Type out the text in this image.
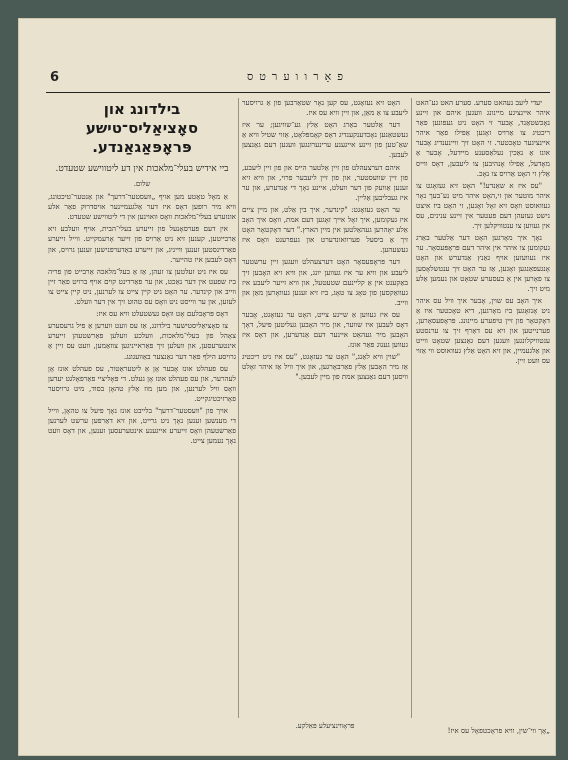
6	פאָרווערטס

יעדי ליעב נעהאט סערע. סערע האט גע־האט איהר איינציגע מיינונג וועגען איהם און זיינע נאָכשטאַנד, אָבער זי האָט ניט געפונען פאַר ריכטיג צו אַרויס זאָגען אַפילו פאַר איהר איינציגער טאָכטער. זי האָט זיך וויינענדיג אָבער אונז אַ נאַכין נעלאַסענע מיידעל, אָבער אַ מאָדעל, אַפילו אָנהיבען צו ליעבען, דאָס ווייס אַלץ זי האָט אַרויס צו נאָכ.

"עס איז א שאַנדע!" האָט זיא געזאָגט צו איהר מוטער און זי,האָט איהר מיט נע־בעך נאָר געוואוסט וואָס זיא זאָל זאָגען, זי האָט ביז איצט נישט געזעהן דעם פעטער אין זיינע ענינים, עס אין געווען צו ענטוויקלען זיך.

נאָך איך מאָרגען האָט דער אַלטער באַרג געקומען צו איהר אין איהר דעם פּראָפּעסאָר. ער איז נעוועזען אויף גאַנץ אַנדערש און האָט אָנגעפאַנגען זאָגען, אַז ער האָט זיך ענטשלאָסען צו פאָרען אין אַ בעסערע שטאָט און נעמען אַלע מיט זיך.

איך האָב עס שוין, אָבער איך וויל עס איהר ניט אָנזאָגען ביז מאָרגען, דיא טאָכטער איז אַ דאָקטאָר פון זיין טיפערע מיינונג. פּראָפעסאָרען, פערנייטען און זיא עס דאַרף זיך צו ערנסטע ענטוויקלונגען וועגען דעם גאַנצען שטאָט ווייט און אַלגעמיין, און זיא האָט אַלץ געוואוסט ווי אַזוי עס וועט זיין.

האָט זיא נעזאָגט, עס קען נאָר שטאַרבען פון אַ גרויסער ליעבע צו אַ מאַן, און זיין וויא עס איז.

דער אַלטער באַרג האָט אַלץ גע־שוויגען; ער איז געשטאַנען נאָכדענקענדיג דאָס קאָמפּלאָט, אַזוי שטיל וויא אַ שאַ־טען פון זיינע אייגענע ערינערונגען וועגען דעם גאַנצען לעבען.

איהם דערצעהלט פון זיין אַלטער הייס און פון זיין ליעבע, פון זיין שוועסטער, און פון זיין ליעבער פרוי, און וויא זיא זענען אַוועק פון דער וועלט, איינע נאָך די אַנדערע, און ער איז געבליבען אַליין.

ער האָט געזאָגט: "קינדער, איך בין אַלט, און מיין ציים איז געקומען, איך זאָל אייך זאָגען דעם אמת, וואָס איך האָב אַלע יאָהרען געהאַלטען אין מיין הארץ." דער דאָקטאָר האָט זיך אַ ביסעל פערוואונדערט און געפרעגט וואָס איז געשעהען.

דער פּראָפעסאָר האָט דערצעהלט וועגען זיין ערשטער ליעבע און וויא ער איז געווען יונג, און וויא זיא האָבען זיך באַקענט אין אַ קליינעם שטעטעל, און וויא זייער ליעבע איז געוואַקסען פון טאָג צו טאָג, ביז זיא זענען געוואָרען מאַן און ווייב.

עס איז געווען אַ שיינע צייט, האָט ער געזאָגט, אָבער דאָס לעבען איז שווער, און מיר האָבען געליטען פיעל, דאָך האָבען מיר געהאַט איינער דעם אַנדערען, און דאָס איז געווען גענוג פאַר אונז.

"שוין וויא לאַנג," האָט ער געזאָגט, "עס איז ניט ריכטיג אַז מיר האָבען אַלץ פאַרבאָרגען, און איך וויל אַז איהר זאָלט וויסען דעם גאַנצען אמת פון מיין לעבען."

בילדונג און סאָציאַליס־טישע פּראָפּאַגאַנדע.
ביי אידיש בעלי־מלאכות אין דע ליטווישע שטעדט.
שלום.

אַ מאָל טאַטע מען אויף „וועסטער־דרעך" און אַנטער־טיכטונג, וויא מיר רופען דאָס איז דער אַלגעמיינער אויסדרוק פאַר אלע אונזערע בעלי־מלאכות וואָס וואוינען אין די ליטווישע שטעדט.

אין דעם פּערסאָנעל פון זייערע בעלי־הבית, אויף וועלכע זיא אַרבייטען, קענען זיא ניט אַרויס פון זייער אָרעמקייט. ווייל זייערע פאַרדינסטען זענען ווייניג, און זייערע באַדערפנישען זענען גרויס, און דאָס לעבען איז טהייער.

עס איז ניט זעלטען צו זעהן, אַז אַ בעל־מלאכה אַרבייט פון פריה ביז שפעט אין דער נאַכט, און ער פאַרדינט קוים אויף ברויט פאַר זיין ווייב און קינדער. ער האָט ניט קיין צייט צו לערנען, ניט קיין צייט צו לעזען, און ער ווייסט ניט וואָס עס טהוט זיך אין דער וועלט.

דאָס פּראָבלעם אָט וואָס געשטעלט וויא עס איז:

צו סאָציאַליסטישער בילדונג, אַז עס וועט ווערען אַ פיל גרעסערע צאָהל פון בעלי־מלאכות, וועלכע וועלען פאַרשטעהן זייערע אינטערעסען, און וועלען זיך פאַראייניגען צוזאַמען, וועט עס זיין אַ גרויסע הילף פאַר דער גאַנצער באַוועגונג.

עס פעהלט אונז אָבער אָן אַ ליטעראַטור, עס פעהלט אונז אָן לעהרער, און עס פעהלט אונז אָן געלט. די פּאָליציי פאַרפאָלגט יעדען וואָס וויל לערנען, און מען מוז אַלץ טהאָן בסוד, מיט גרויסער פאָרזיכטיגקייט.

אויך פון "וועסטער־דרעך" בלייבט אונז נאָך פיעל צו טהאָן, ווייל די מענשען זענען נאָך ניט גרייט, און זיא דאַרפען ערשט לערנען פאַרשטעהן וואָס זייערע אייגענע אינטערעסען זענען, און דאָס וועט נאָך נעמען צייט.

פּראָװינציעלע פּאַלקע.	„אָך ווי־שין, וויא פראָכטפאָל עס איז!
